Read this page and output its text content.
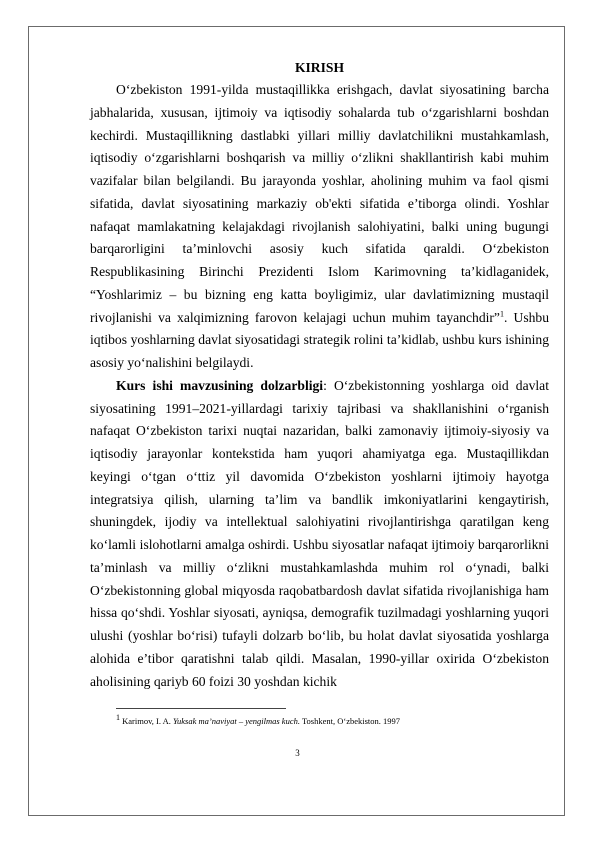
KIRISH

O‘zbekiston 1991-yilda mustaqillikka erishgach, davlat siyosatining barcha jabhalarida, xususan, ijtimoiy va iqtisodiy sohalarda tub o‘zgarishlarni boshdan kechirdi. Mustaqillikning dastlabki yillari milliy davlatchilikni mustahkamlash, iqtisodiy o‘zgarishlarni boshqarish va milliy o‘zlikni shakllantirish kabi muhim vazifalar bilan belgilandi. Bu jarayonda yoshlar, aholining muhim va faol qismi sifatida, davlat siyosatining markaziy ob'ekti sifatida e’tiborga olindi. Yoshlar nafaqat mamlakatning kelajakdagi rivojlanish salohiyatini, balki uning bugungi barqarorligini ta’minlovchi asosiy kuch sifatida qaraldi. O‘zbekiston Respublikasining Birinchi Prezidenti Islom Karimovning ta’kidlaganidek, “Yoshlarimiz – bu bizning eng katta boyligimiz, ular davlatimizning mustaqil rivojlanishi va xalqimizning farovon kelajagi uchun muhim tayanchdir”$^1$. Ushbu iqtibos yoshlarning davlat siyosatidagi strategik rolini ta’kidlab, ushbu kurs ishining asosiy yo‘nalishini belgilaydi.

Kurs ishi mavzusining dolzarbligi: O‘zbekistonning yoshlarga oid davlat siyosatining 1991–2021-yillardagi tarixiy tajribasi va shakllanishini o‘rganish nafaqat O‘zbekiston tarixi nuqtai nazaridan, balki zamonaviy ijtimoiy-siyosiy va iqtisodiy jarayonlar kontekstida ham yuqori ahamiyatga ega. Mustaqillikdan keyingi o‘tgan o‘ttiz yil davomida O‘zbekiston yoshlarni ijtimoiy hayotga integratsiya qilish, ularning ta’lim va bandlik imkoniyatlarini kengaytirish, shuningdek, ijodiy va intellektual salohiyatini rivojlantirishga qaratilgan keng ko‘lamli islohotlarni amalga oshirdi. Ushbu siyosatlar nafaqat ijtimoiy barqarorlikni ta’minlash va milliy o‘zlikni mustahkamlashda muhim rol o‘ynadi, balki O‘zbekistonning global miqyosda raqobatbardosh davlat sifatida rivojlanishiga ham hissa qo‘shdi. Yoshlar siyosati, ayniqsa, demografik tuzilmadagi yoshlarning yuqori ulushi (yoshlar bo‘risi) tufayli dolzarb bo‘lib, bu holat davlat siyosatida yoshlarga alohida e’tibor qaratishni talab qildi. Masalan, 1990-yillar oxirida O‘zbekiston aholisining qariyb 60 foizi 30 yoshdan kichik

$^1$ Karimov, I. A. Yuksak ma’naviyat – yengilmas kuch. Toshkent, O‘zbekiston. 1997
3
